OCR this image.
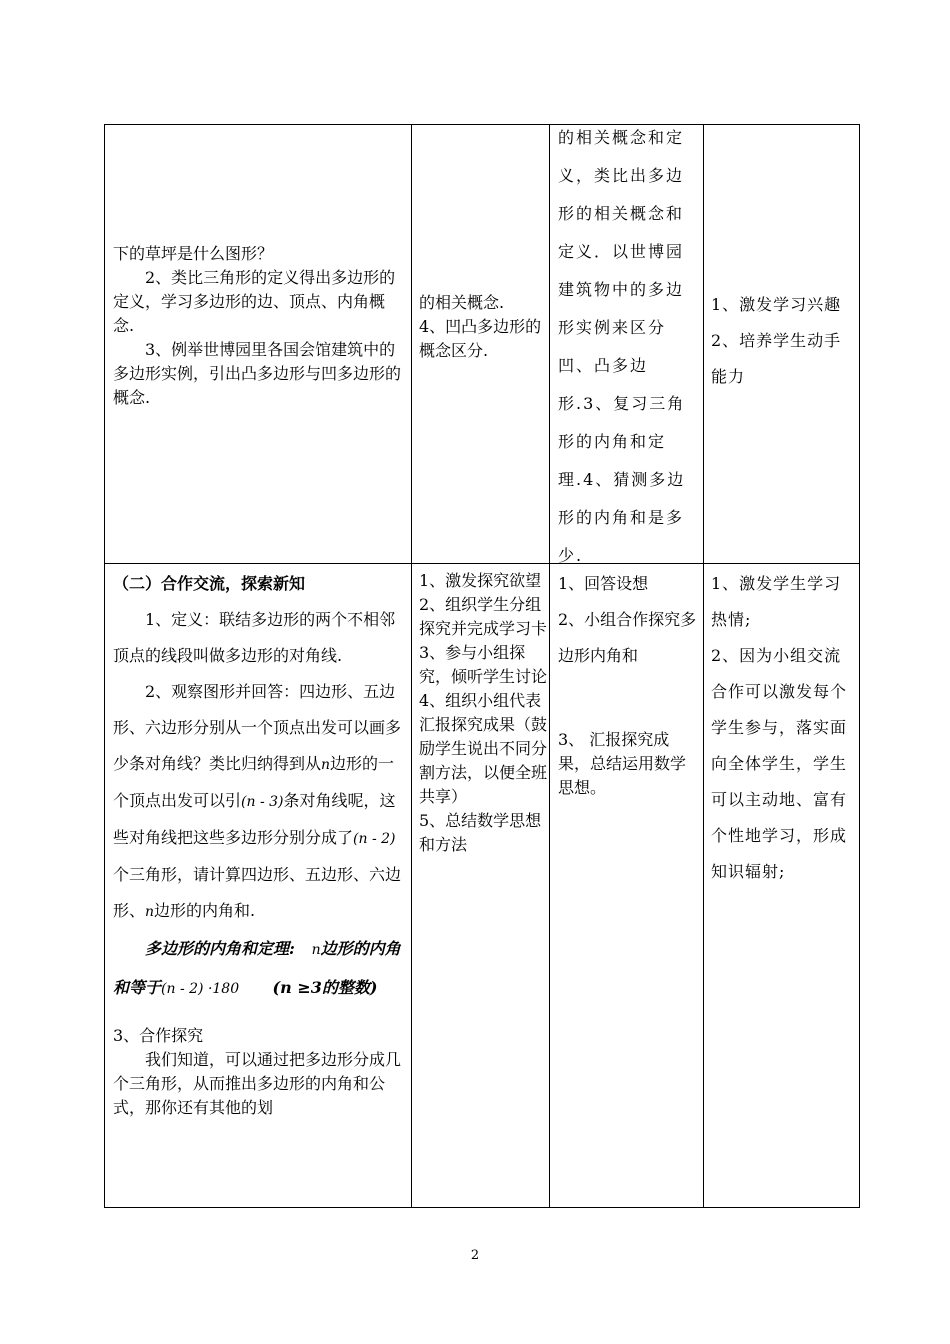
下的草坪是什么图形？

2、类比三角形的定义得出多边形的定义，学习多边形的边、顶点、内角概念.

3、例举世博园里各国会馆建筑中的多边形实例，引出凸多边形与凹多边形的概念.

的相关概念.

4、凹凸多边形的概念区分.

的相关概念和定义，类比出多边形的相关概念和定义．以世博园建筑物中的多边形实例来区分凹、凸多边形.3、复习三角形的内角和定理.4、猜测多边形的内角和是多少.

1、激发学习兴趣

2、培养学生动手能力

（二）合作交流，探索新知

1、定义：联结多边形的两个不相邻顶点的线段叫做多边形的对角线.

2、观察图形并回答：四边形、五边形、六边形分别从一个顶点出发可以画多少条对角线？类比归纳得到从n边形的一个顶点出发可以引(n - 3)条对角线呢，这些对角线把这些多边形分别分成了(n - 2)个三角形，请计算四边形、五边形、六边形、n边形的内角和.

多边形的内角和定理: n边形的内角和等于(n - 2) ·180 (n ≥3的整数)

3、合作探究

我们知道，可以通过把多边形分成几个三角形，从而推出多边形的内角和公式，那你还有其他的划

1、激发探究欲望

2、组织学生分组探究并完成学习卡

3、参与小组探究，倾听学生讨论

4、组织小组代表汇报探究成果（鼓励学生说出不同分割方法，以便全班共享）

5、总结数学思想和方法

1、回答设想

2、小组合作探究多边形内角和

3、 汇报探究成果，总结运用数学思想。

1、激发学生学习热情;

2、因为小组交流合作可以激发每个学生参与，落实面向全体学生，学生可以主动地、富有个性地学习，形成知识辐射;

2
